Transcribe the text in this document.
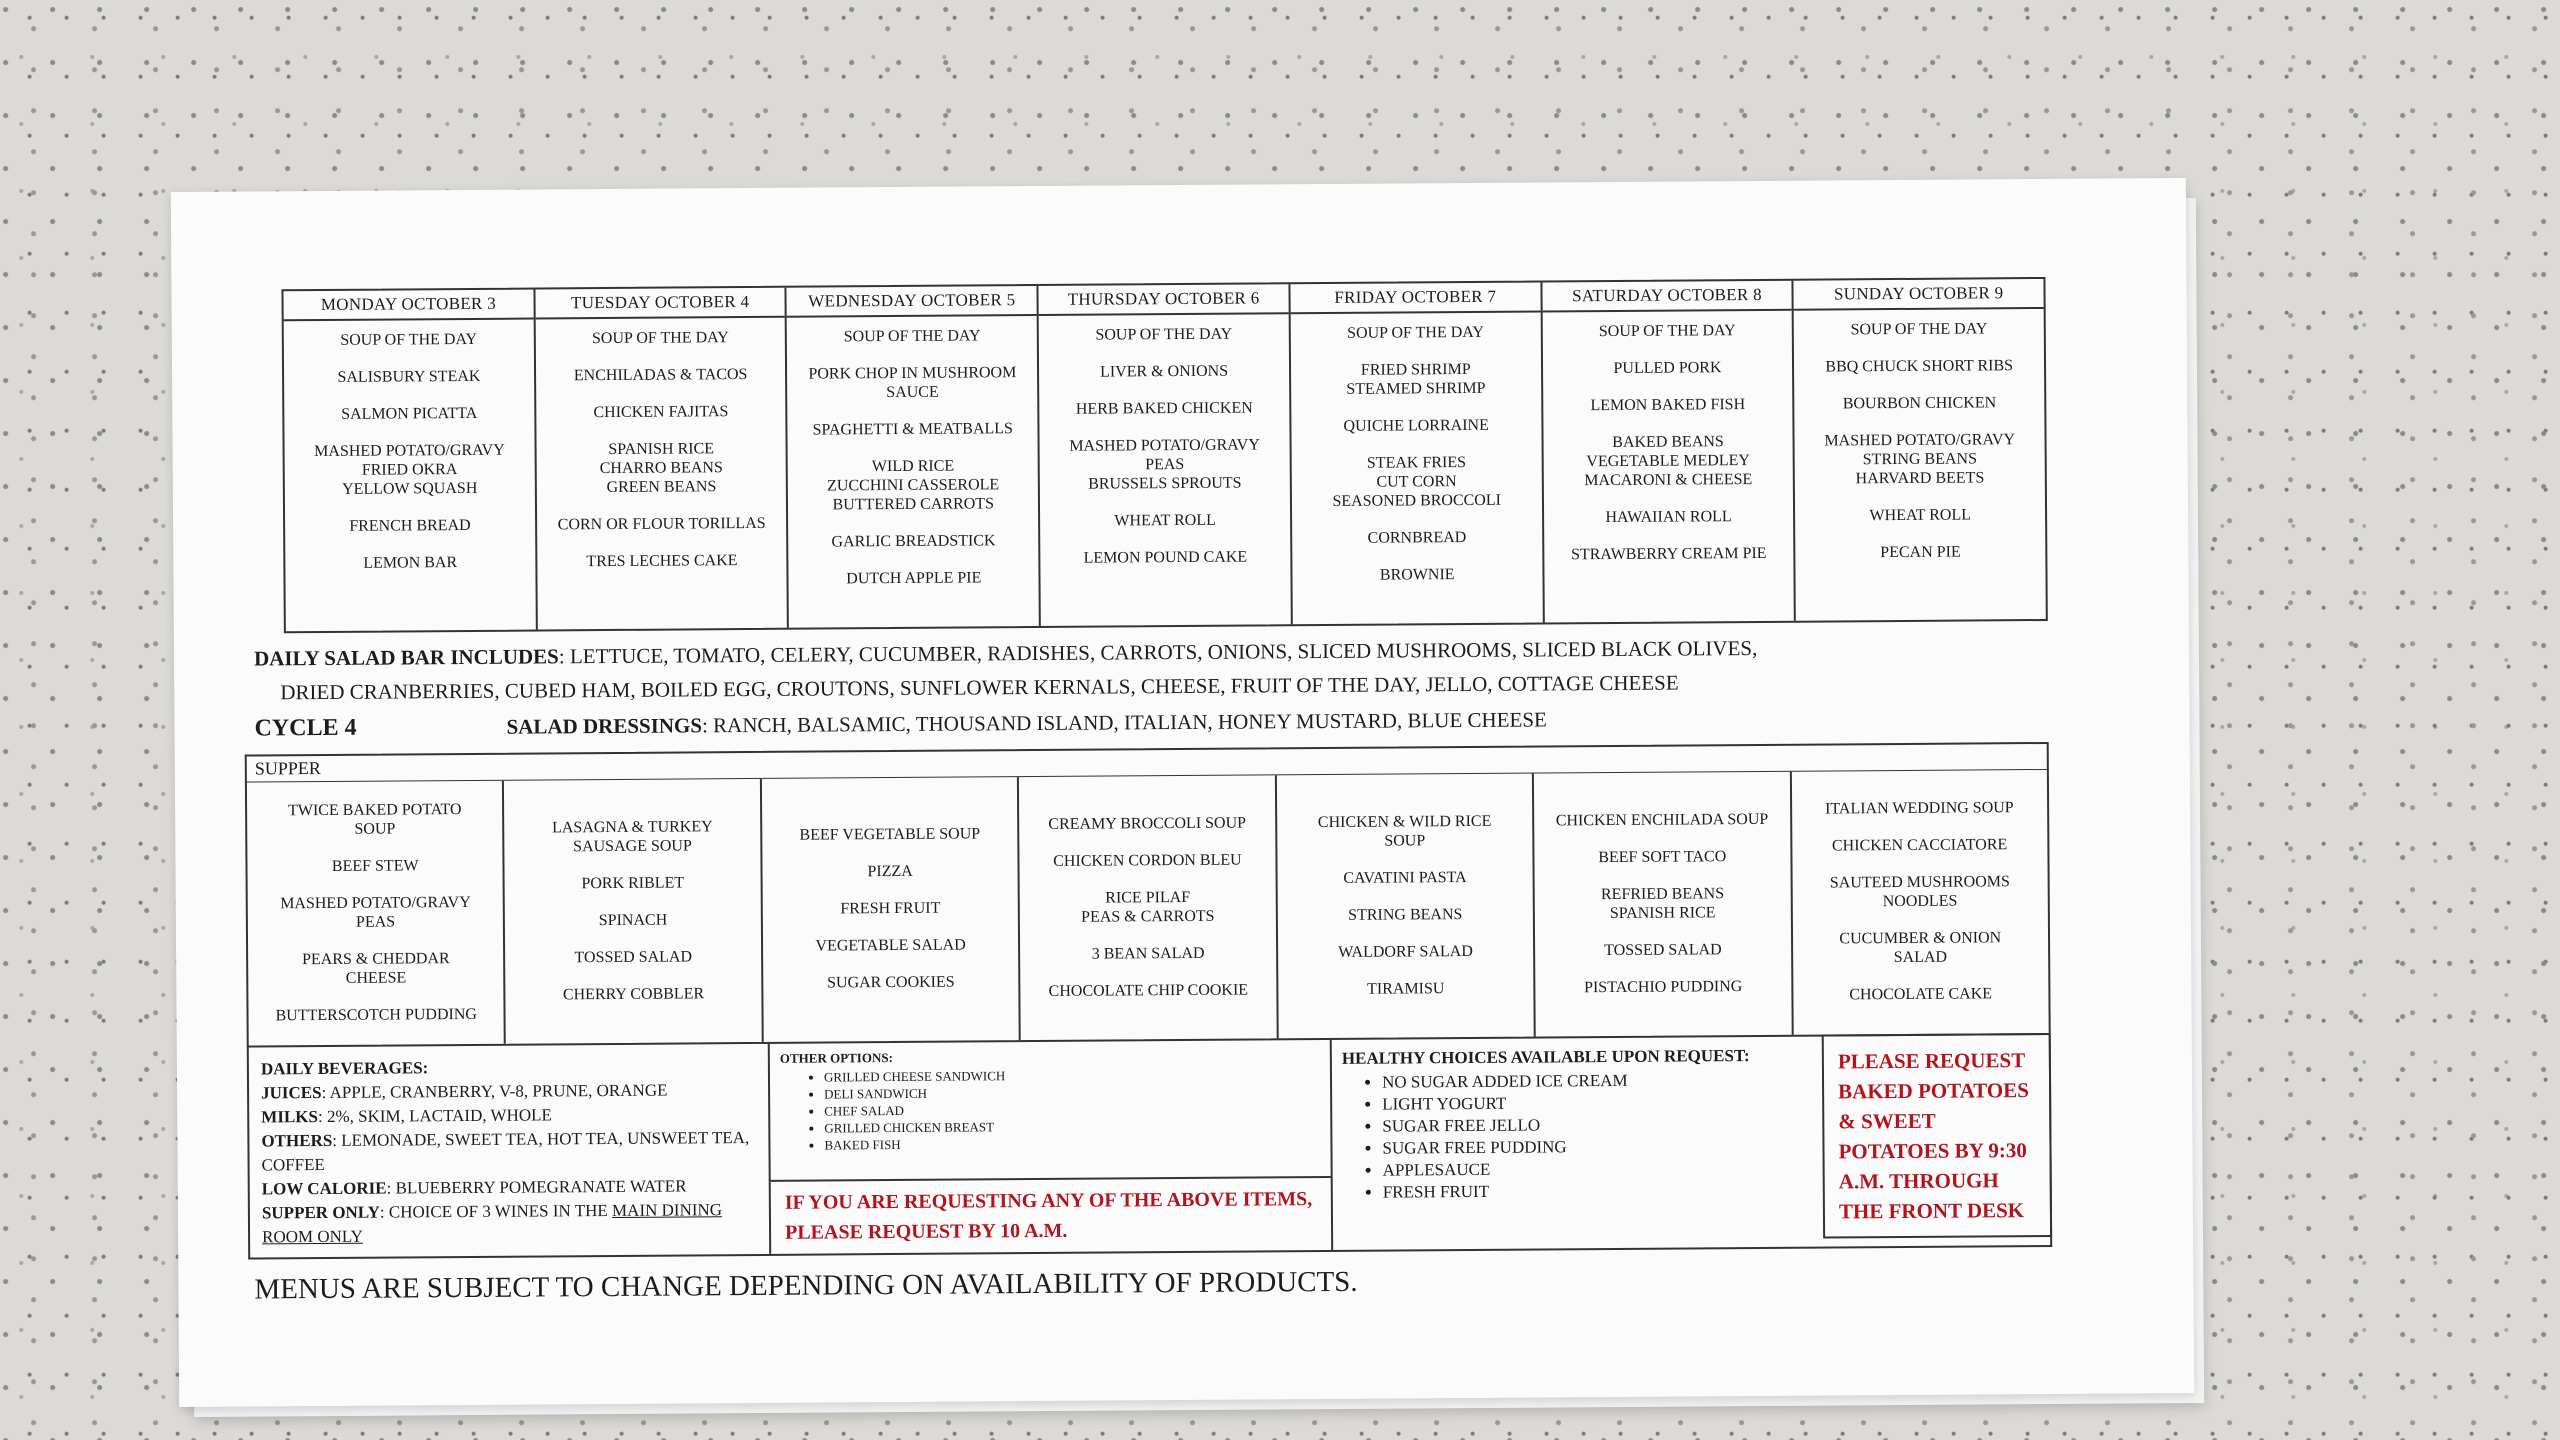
MONDAY OCTOBER 3
SOUP OF THE DAY
SALISBURY STEAK
SALMON PICATTA
MASHED POTATO/GRAVY
FRIED OKRA
YELLOW SQUASH
FRENCH BREAD
LEMON BAR
TUESDAY OCTOBER 4
SOUP OF THE DAY
ENCHILADAS & TACOS
CHICKEN FAJITAS
SPANISH RICE
CHARRO BEANS
GREEN BEANS
CORN OR FLOUR TORILLAS
TRES LECHES CAKE
WEDNESDAY OCTOBER 5
SOUP OF THE DAY
PORK CHOP IN MUSHROOM
SAUCE
SPAGHETTI & MEATBALLS
WILD RICE
ZUCCHINI CASSEROLE
BUTTERED CARROTS
GARLIC BREADSTICK
DUTCH APPLE PIE
THURSDAY OCTOBER 6
SOUP OF THE DAY
LIVER & ONIONS
HERB BAKED CHICKEN
MASHED POTATO/GRAVY
PEAS
BRUSSELS SPROUTS
WHEAT ROLL
LEMON POUND CAKE
FRIDAY OCTOBER 7
SOUP OF THE DAY
FRIED SHRIMP
STEAMED SHRIMP
QUICHE LORRAINE
STEAK FRIES
CUT CORN
SEASONED BROCCOLI
CORNBREAD
BROWNIE
SATURDAY OCTOBER 8
SOUP OF THE DAY
PULLED PORK
LEMON BAKED FISH
BAKED BEANS
VEGETABLE MEDLEY
MACARONI & CHEESE
HAWAIIAN ROLL
STRAWBERRY CREAM PIE
SUNDAY OCTOBER 9
SOUP OF THE DAY
BBQ CHUCK SHORT RIBS
BOURBON CHICKEN
MASHED POTATO/GRAVY
STRING BEANS
HARVARD BEETS
WHEAT ROLL
PECAN PIE
DAILY SALAD BAR INCLUDES: LETTUCE, TOMATO, CELERY, CUCUMBER, RADISHES, CARROTS, ONIONS, SLICED MUSHROOMS, SLICED BLACK OLIVES,
DRIED CRANBERRIES, CUBED HAM, BOILED EGG, CROUTONS, SUNFLOWER KERNALS, CHEESE, FRUIT OF THE DAY, JELLO, COTTAGE CHEESE
CYCLE 4	SALAD DRESSINGS: RANCH, BALSAMIC, THOUSAND ISLAND, ITALIAN, HONEY MUSTARD, BLUE CHEESE
SUPPER
TWICE BAKED POTATO
SOUP
BEEF STEW
MASHED POTATO/GRAVY
PEAS
PEARS & CHEDDAR
CHEESE
BUTTERSCOTCH PUDDING
LASAGNA & TURKEY
SAUSAGE SOUP
PORK RIBLET
SPINACH
TOSSED SALAD
CHERRY COBBLER
BEEF VEGETABLE SOUP
PIZZA
FRESH FRUIT
VEGETABLE SALAD
SUGAR COOKIES
CREAMY BROCCOLI SOUP
CHICKEN CORDON BLEU
RICE PILAF
PEAS & CARROTS
3 BEAN SALAD
CHOCOLATE CHIP COOKIE
CHICKEN & WILD RICE
SOUP
CAVATINI PASTA
STRING BEANS
WALDORF SALAD
TIRAMISU
CHICKEN ENCHILADA SOUP
BEEF SOFT TACO
REFRIED BEANS
SPANISH RICE
TOSSED SALAD
PISTACHIO PUDDING
ITALIAN WEDDING SOUP
CHICKEN CACCIATORE
SAUTEED MUSHROOMS
NOODLES
CUCUMBER & ONION
SALAD
CHOCOLATE CAKE
DAILY BEVERAGES:
JUICES: APPLE, CRANBERRY, V-8, PRUNE, ORANGE
MILKS: 2%, SKIM, LACTAID, WHOLE
OTHERS: LEMONADE, SWEET TEA, HOT TEA, UNSWEET TEA, COFFEE
LOW CALORIE: BLUEBERRY POMEGRANATE WATER
SUPPER ONLY: CHOICE OF 3 WINES IN THE MAIN DINING ROOM ONLY
OTHER OPTIONS:
• GRILLED CHEESE SANDWICH
• DELI SANDWICH
• CHEF SALAD
• GRILLED CHICKEN BREAST
• BAKED FISH
IF YOU ARE REQUESTING ANY OF THE ABOVE ITEMS, PLEASE REQUEST BY 10 A.M.
HEALTHY CHOICES AVAILABLE UPON REQUEST:
• NO SUGAR ADDED ICE CREAM
• LIGHT YOGURT
• SUGAR FREE JELLO
• SUGAR FREE PUDDING
• APPLESAUCE
• FRESH FRUIT
PLEASE REQUEST BAKED POTATOES & SWEET POTATOES BY 9:30 A.M. THROUGH THE FRONT DESK
MENUS ARE SUBJECT TO CHANGE DEPENDING ON AVAILABILITY OF PRODUCTS.
